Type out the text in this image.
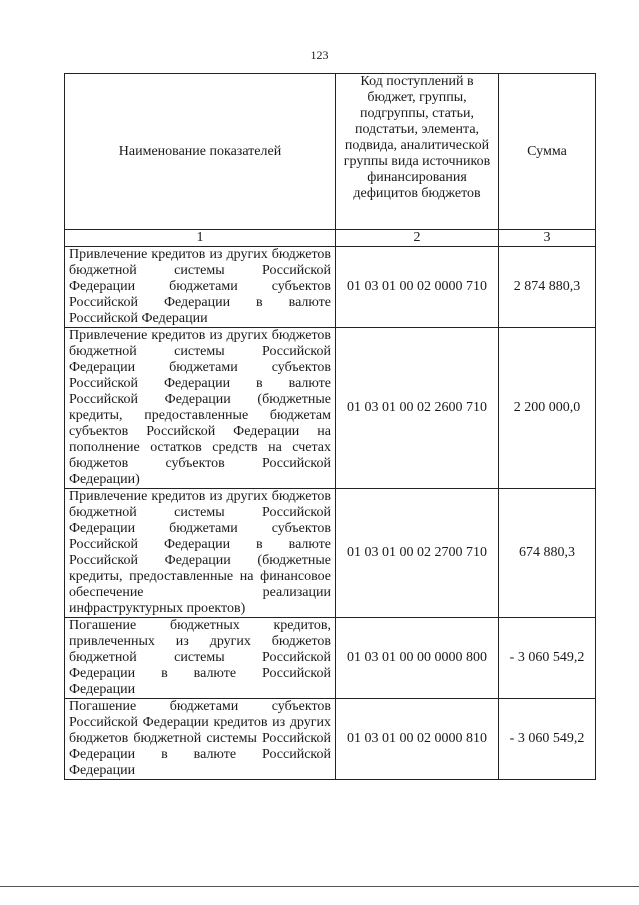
123
Наименование показателей	Код поступлений в бюджет, группы, подгруппы, статьи, подстатьи, элемента, подвида, аналитической группы вида источников финансирования дефицитов бюджетов	Сумма
1	2	3
Привлечение кредитов из других бюджетов бюджетной системы Российской Федерации бюджетами субъектов Российской Федерации в валюте Российской Федерации	01 03 01 00 02 0000 710	2 874 880,3
Привлечение кредитов из других бюджетов бюджетной системы Российской Федерации бюджетами субъектов Российской Федерации в валюте Российской Федерации (бюджетные кредиты, предоставленные бюджетам субъектов Российской Федерации на пополнение остатков средств на счетах бюджетов субъектов Российской Федерации)	01 03 01 00 02 2600 710	2 200 000,0
Привлечение кредитов из других бюджетов бюджетной системы Российской Федерации бюджетами субъектов Российской Федерации в валюте Российской Федерации (бюджетные кредиты, предоставленные на финансовое обеспечение реализации инфраструктурных проектов)	01 03 01 00 02 2700 710	674 880,3
Погашение бюджетных кредитов, привлеченных из других бюджетов бюджетной системы Российской Федерации в валюте Российской Федерации	01 03 01 00 00 0000 800	- 3 060 549,2
Погашение бюджетами субъектов Российской Федерации кредитов из других бюджетов бюджетной системы Российской Федерации в валюте Российской Федерации	01 03 01 00 02 0000 810	- 3 060 549,2
